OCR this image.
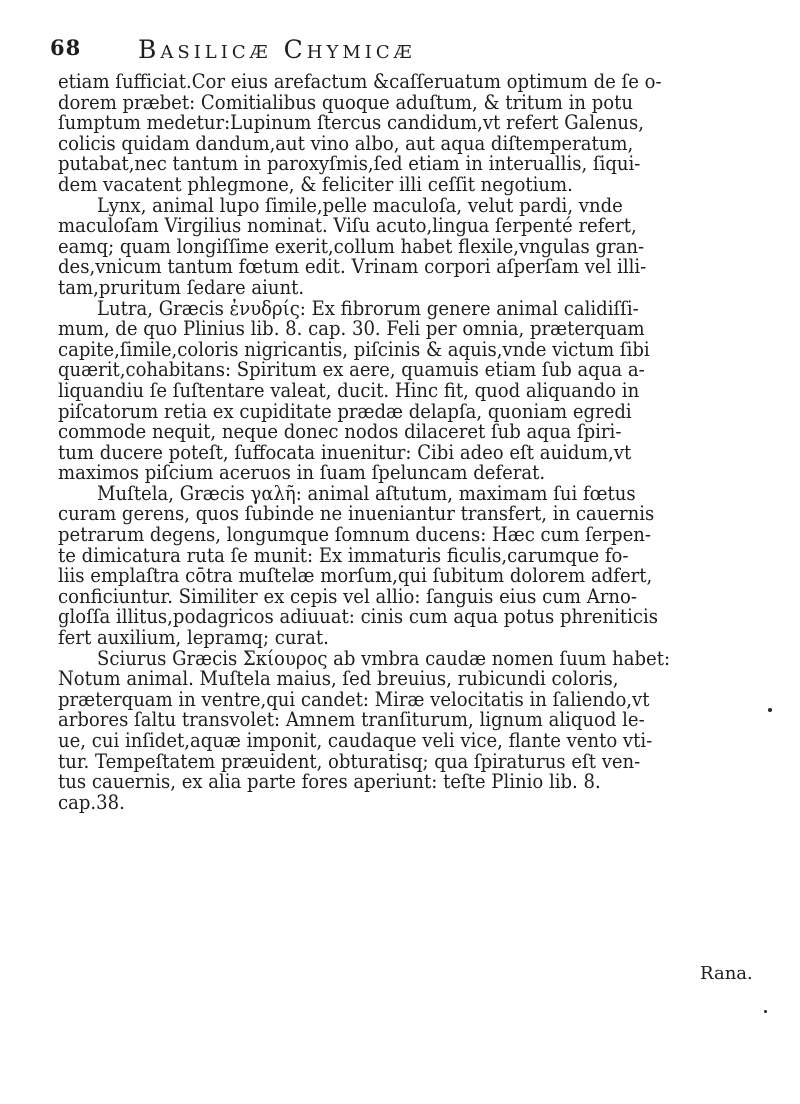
68 Basilicæ Chymicæ
etiam ſufficiat.Cor eius arefactum &caſſeruatum optimum de ſe o-
dorem præbet: Comitialibus quoque aduſtum, & tritum in potu
ſumptum medetur:Lupinum ſtercus candidum,vt refert Galenus,
colicis quidam dandum,aut vino albo, aut aqua diſtemperatum,
putabat,nec tantum in paroxyſmis,ſed etiam in interuallis, ſiqui-
dem vacatent phlegmone, & feliciter illi ceſſit negotium.
Lynx, animal lupo ſimile,pelle maculoſa, velut pardi, vnde
maculoſam Virgilius nominat. Viſu acuto,lingua ſerpenté refert,
eamq; quam longiſſime exerit,collum habet flexile,vngulas gran-
des,vnicum tantum fœtum edit. Vrinam corpori aſperſam vel illi-
tam,pruritum ſedare aiunt.
Lutra, Græcis ἐνυδρίς: Ex fibrorum genere animal calidiſſi-
mum, de quo Plinius lib. 8. cap. 30. Feli per omnia, præterquam
capite,ſimile,coloris nigricantis, piſcinis & aquis,vnde victum ſibi
quærit,cohabitans: Spiritum ex aere, quamuis etiam ſub aqua a-
liquandiu ſe ſuſtentare valeat, ducit. Hinc fit, quod aliquando in
piſcatorum retia ex cupiditate prædæ delapſa, quoniam egredi
commode nequit, neque donec nodos dilaceret ſub aqua ſpiri-
tum ducere poteſt, ſuffocata inuenitur: Cibi adeo eſt auidum,vt
maximos piſcium aceruos in ſuam ſpeluncam deferat.
Muſtela, Græcis γαλῆ: animal aſtutum, maximam ſui fœtus
curam gerens, quos ſubinde ne inueniantur transfert, in cauernis
petrarum degens, longumque ſomnum ducens: Hæc cum ſerpen-
te dimicatura ruta ſe munit: Ex immaturis ficulis,carumque fo-
liis emplaſtra cōtra muſtelæ morſum,qui ſubitum dolorem adfert,
conficiuntur. Similiter ex cepis vel allio: ſanguis eius cum Arno-
gloſſa illitus,podagricos adiuuat: cinis cum aqua potus phreniticis
fert auxilium, lepramq; curat.
Sciurus Græcis Σκίουρος ab vmbra caudæ nomen ſuum habet:
Notum animal. Muſtela maius, ſed breuius, rubicundi coloris,
præterquam in ventre,qui candet: Miræ velocitatis in ſaliendo,vt
arbores ſaltu transvolet: Amnem tranſiturum, lignum aliquod le-
ue, cui inſidet,aquæ imponit, caudaque veli vice, flante vento vti-
tur. Tempeſtatem præuident, obturatisq; qua ſpiraturus eſt ven-
tus cauernis, ex alia parte fores aperiunt: teſte Plinio lib. 8.
cap.38.
Rana.
